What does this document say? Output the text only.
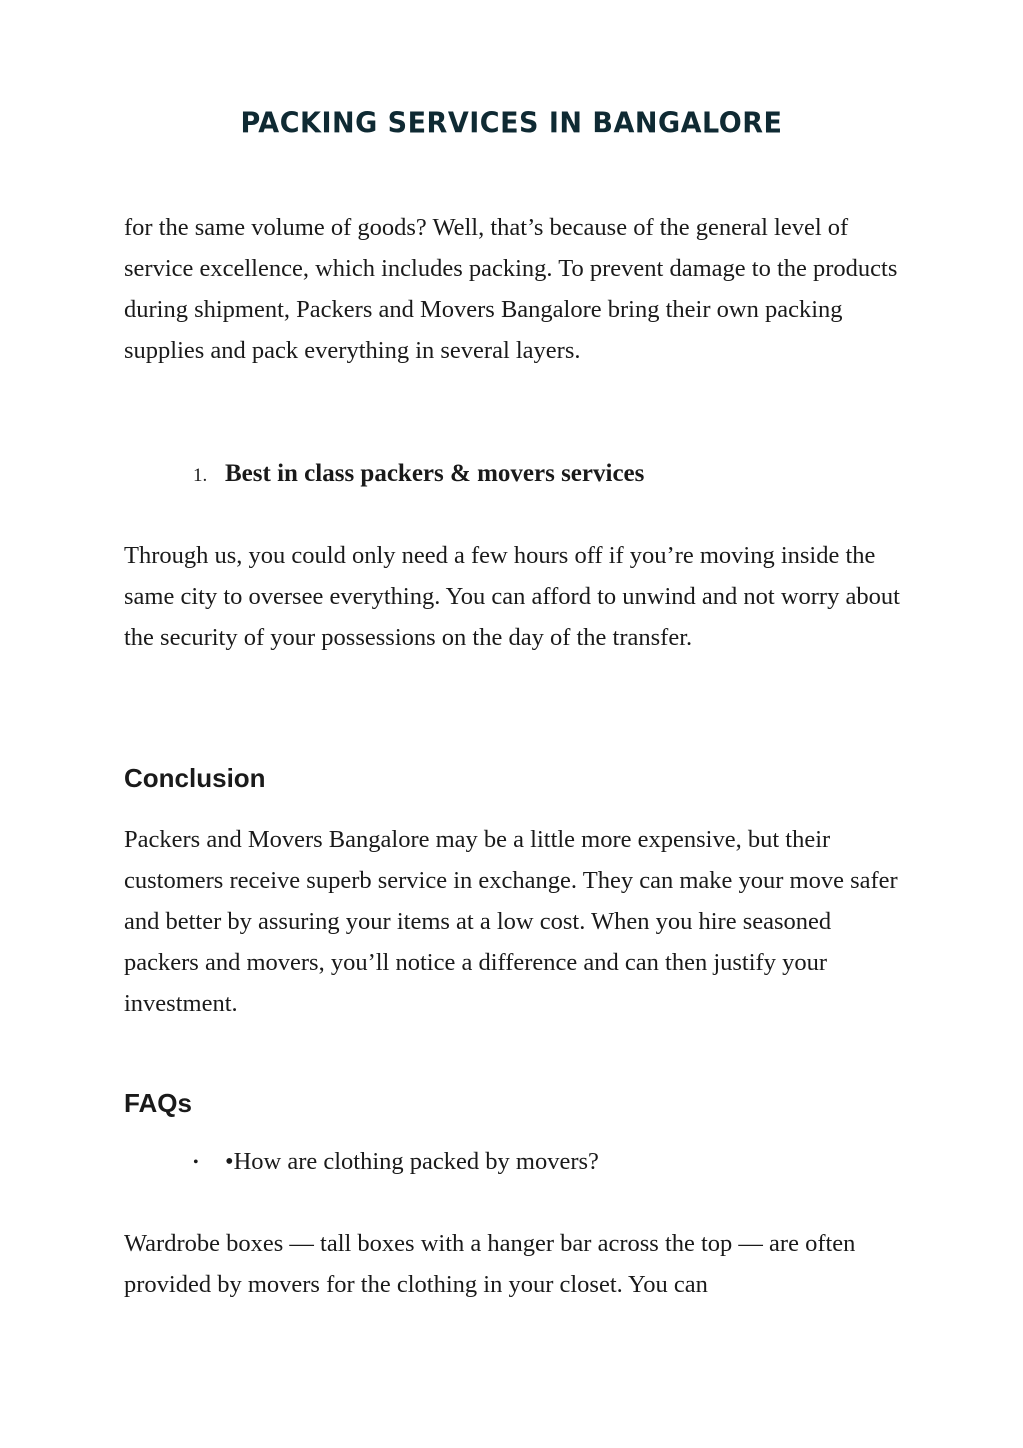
PACKING SERVICES IN BANGALORE

for the same volume of goods? Well, that’s because of the general level of service excellence, which includes packing. To prevent damage to the products during shipment, Packers and Movers Bangalore bring their own packing supplies and pack everything in several layers.

1. Best in class packers & movers services

Through us, you could only need a few hours off if you’re moving inside the same city to oversee everything. You can afford to unwind and not worry about the security of your possessions on the day of the transfer.

Conclusion

Packers and Movers Bangalore may be a little more expensive, but their customers receive superb service in exchange. They can make your move safer and better by assuring your items at a low cost. When you hire seasoned packers and movers, you’ll notice a difference and can then justify your investment.

FAQs
• •How are clothing packed by movers?

Wardrobe boxes — tall boxes with a hanger bar across the top — are often provided by movers for the clothing in your closet. You can
